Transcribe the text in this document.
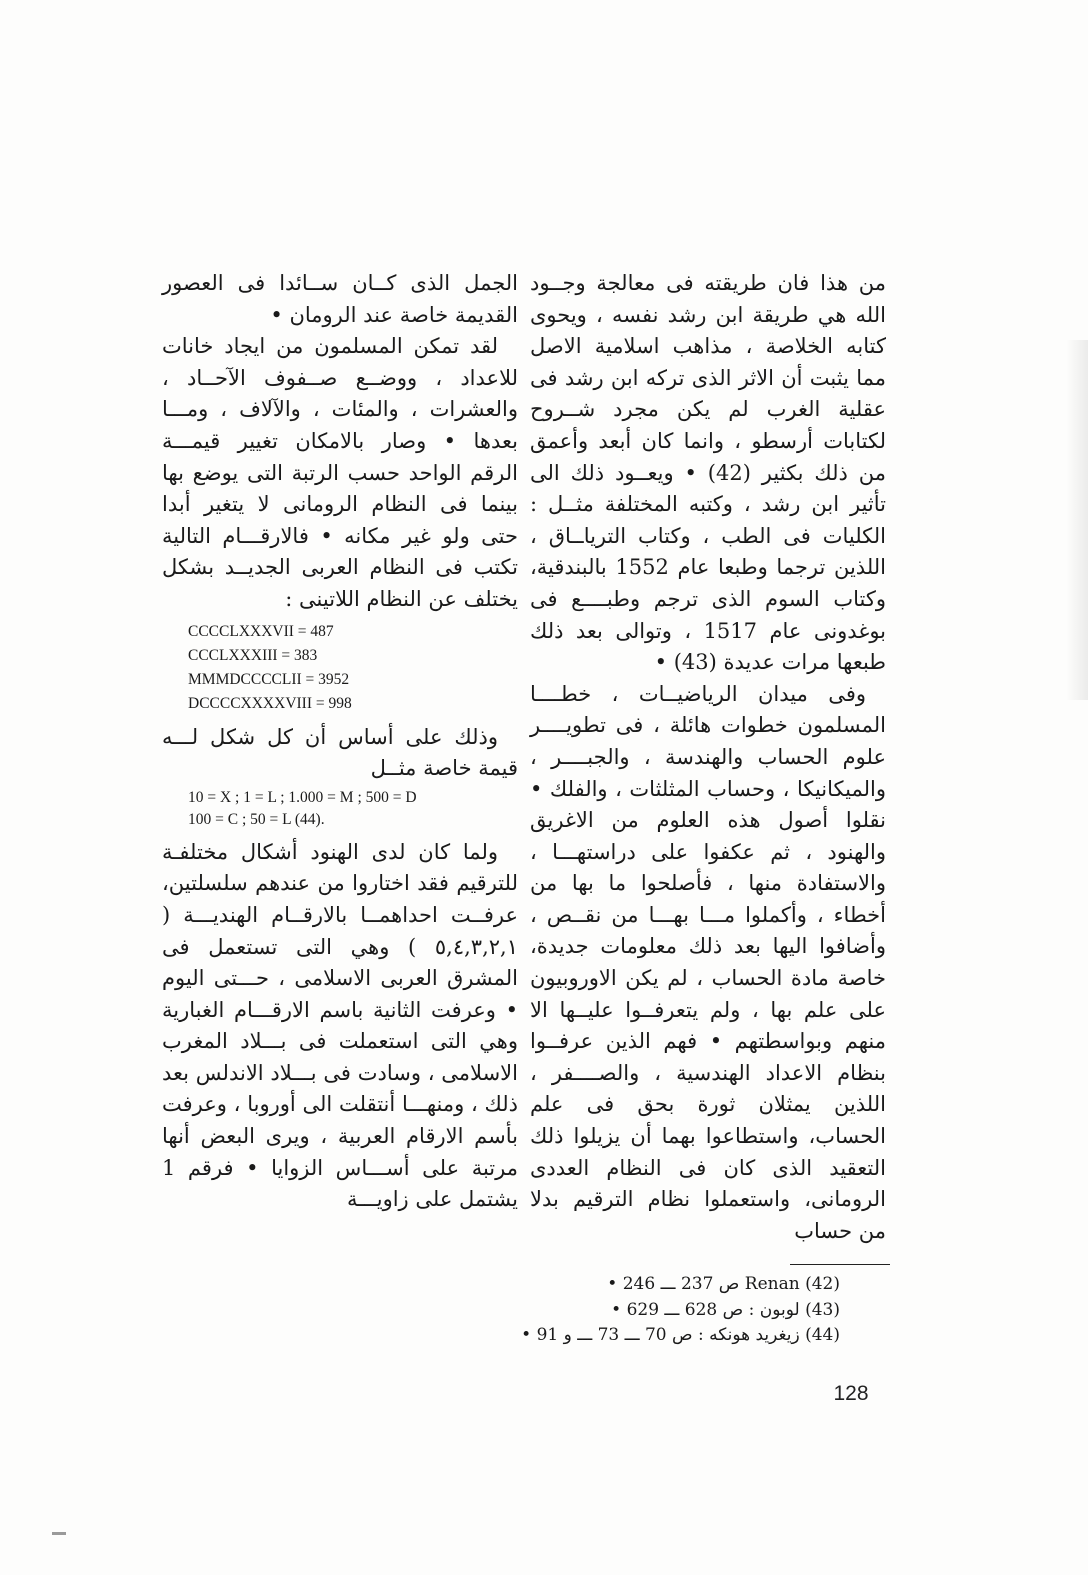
من هذا فان طريقته فى معالجة وجــود الله هي طريقة ابن رشد نفسه ، ويحوى كتابه الخلاصة ، مذاهب اسلامية الاصل مما يثبت أن الاثر الذى تركه ابن رشد فى عقلية الغرب لم يكن مجرد شــروح لكتابات أرسطو ، وانما كان أبعد وأعمق من ذلك بكثير (42) • ويعــود ذلك الى تأثير ابن رشد ، وكتبه المختلفة مثــل : الكليات فى الطب ، وكتاب الترياــاق ، اللذين ترجما وطبعا عام 1552 بالبندقية، وكتاب السوم الذى ترجم وطبــــع فى بوغدونى عام 1517 ، وتوالى بعد ذلك طبعها مرات عديدة (43) •

وفى ميدان الرياضيــات ، خطــــا المسلمون خطوات هائلة ، فى تطويــــر علوم الحساب والهندسة ، والجبــــر ، والميكانيكا ، وحساب المثلثات ، والفلك • نقلوا أصول هذه العلوم من الاغريق والهنود ، ثم عكفوا على دراستهـــا ، والاستفادة منها ، فأصلحوا ما بها من أخطاء ، وأكملوا مـــا بهـــا من نقــص ، وأضافوا اليها بعد ذلك معلومات جديدة، خاصة مادة الحساب ، لم يكن الاوروبيون على علم بها ، ولم يتعرفــوا عليــها الا منهم وبواسطتهم • فهم الذين عرفــوا بنظام الاعداد الهندسية ، والصــــفر ، اللذين يمثلان ثورة بحق فى علم الحساب، واستطاعوا بهما أن يزيلوا ذلك التعقيد الذى كان فى النظام العددى الرومانى، واستعملوا نظام الترقيم بدلا من حساب

الجمل الذى كــان ســائدا فى العصور القديمة خاصة عند الرومان •

لقد تمكن المسلمون من ايجاد خانات للاعداد ، ووضــع صــفوف الآحــاد ، والعشرات ، والمئات ، والآلاف ، ومـــا بعدها • وصار بالامكان تغيير قيمـــة الرقم الواحد حسب الرتبة التى يوضع بها بينما فى النظام الرومانى لا يتغير أبدا حتى ولو غير مكانه • فالارقـــام التالية تكتب فى النظام العربى الجديــد بشكل يختلف عن النظام اللاتينى :

CCCCLXXXVII = 487
CCCLXXXIII = 383
MMMDCCCCLII = 3952
DCCCCXXXXVIII = 998

وذلك على أساس أن كل شكل لـــه قيمة خاصة مثــل

10 = X ; 1 = L ; 1.000 = M ; 500 = D
100 = C ; 50 = L (44).

ولما كان لدى الهنود أشكال مختلفـة للترقيم فقد اختاروا من عندهم سلسلتين، عرفــت احداهمــا بالارقــام الهنديـــة ( ٥,٤,٣,٢,١ ) وهي التى تستعمل فى المشرق العربى الاسلامى ، حـــتى اليوم • وعرفت الثانية باسم الارقـــام الغبارية وهي التى استعملت فى بـــلاد المغرب الاسلامى ، وسادت فى بـــلاد الاندلس بعد ذلك ، ومنهـــا أنتقلت الى أوروبا ، وعرفت بأسم الارقام العربية ، ويرى البعض أنها مرتبة على أســـاس الزوايا • فرقم 1 يشتمل على زاويـــة

(42) Renan ص 237 ـــ 246 •
(43) لوبون : ص 628 ـــ 629 •
(44) زيغريد هونكه : ص 70 ـــ 73 ـــ و 91 •
128
